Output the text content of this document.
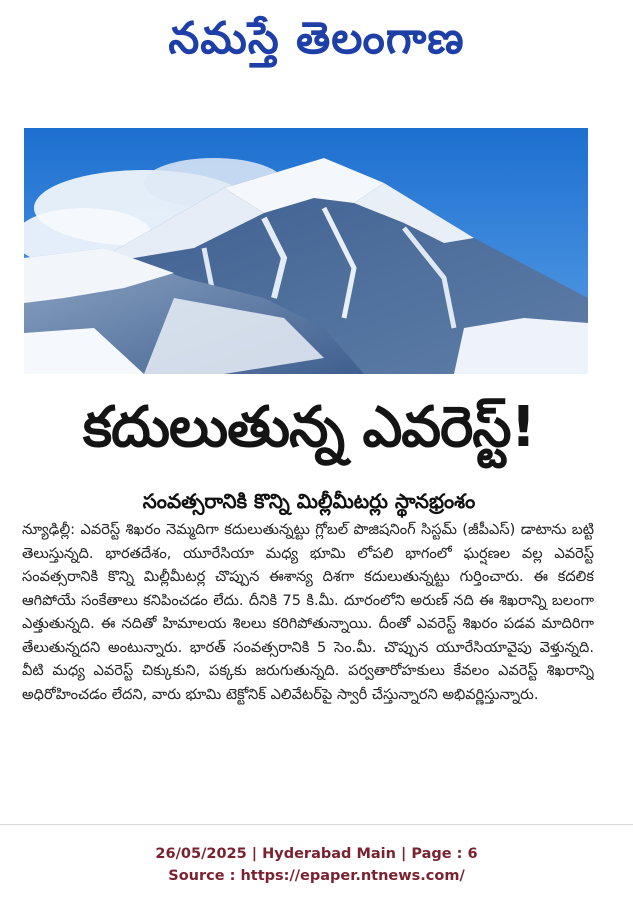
నమస్తే తెలంగాణ
కదులుతున్న ఎవరెస్ట్!
సంవత్సరానికి కొన్ని మిల్లీమీటర్లు స్థానభ్రంశం
న్యూఢిల్లీ: ఎవరెస్ట్ శిఖరం నెమ్మదిగా కదులుతున్నట్టు గ్లోబల్ పొజిషనింగ్ సిస్టమ్ (జీపీఎస్) డాటాను బట్టి తెలుస్తున్నది. భారతదేశం, యూరేసియా మధ్య భూమి లోపలి భాగంలో ఘర్షణల వల్ల ఎవరెస్ట్ సంవత్సరానికి కొన్ని మిల్లీమీటర్ల చొప్పున ఈశాన్య దిశగా కదులుతున్నట్టు గుర్తించారు. ఈ కదలిక ఆగిపోయే సంకేతాలు కనిపించడం లేదు. దీనికి 75 కి.మీ. దూరంలోని అరుణ్ నది ఈ శిఖరాన్ని బలంగా ఎత్తుతున్నది. ఈ నదితో హిమాలయ శిలలు కరిగిపోతున్నాయి. దీంతో ఎవరెస్ట్ శిఖరం పడవ మాదిరిగా తేలుతున్నదని అంటున్నారు. భారత్ సంవత్సరానికి 5 సెం.మీ. చొప్పున యూరేసియావైపు వెళ్తున్నది. వీటి మధ్య ఎవరెస్ట్ చిక్కుకుని, పక్కకు జరుగుతున్నది. పర్వతారోహకులు కేవలం ఎవరెస్ట్ శిఖరాన్ని అధిరోహించడం లేదని, వారు భూమి టెక్టోనిక్ ఎలివేటర్‌పై స్వారీ చేస్తున్నారని అభివర్ణిస్తున్నారు.
26/05/2025 | Hyderabad Main | Page : 6
Source : https://epaper.ntnews.com/
